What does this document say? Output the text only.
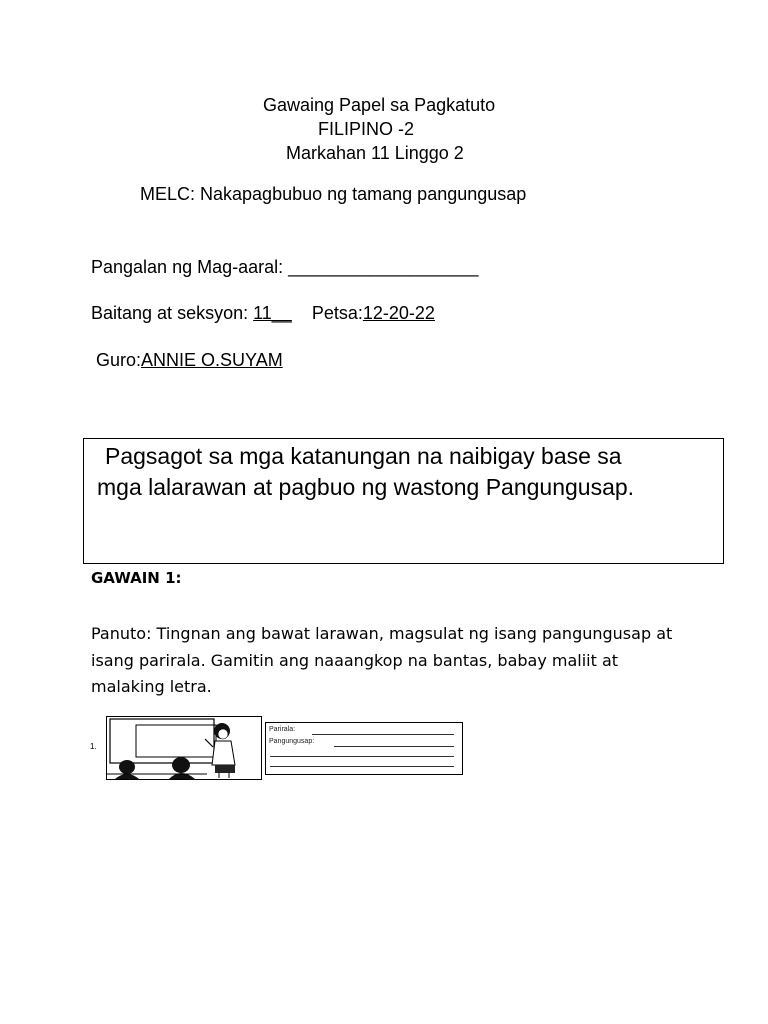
Gawaing Papel sa Pagkatuto
FILIPINO -2
Markahan 11 Linggo 2
MELC: Nakapagbubuo ng tamang pangungusap
Pangalan ng Mag-aaral: ___________________
Baitang at seksyon: 11__ Petsa:12-20-22
Guro:ANNIE O.SUYAM
Pagsagot sa mga katanungan na naibigay base sa
mga lalarawan at pagbuo ng wastong Pangungusap.
GAWAIN 1:
Panuto: Tingnan ang bawat larawan, magsulat ng isang pangungusap at
isang parirala. Gamitin ang naaangkop na bantas, babay maliit at
malaking letra.
1.
Parirala:
Pangungusap:
